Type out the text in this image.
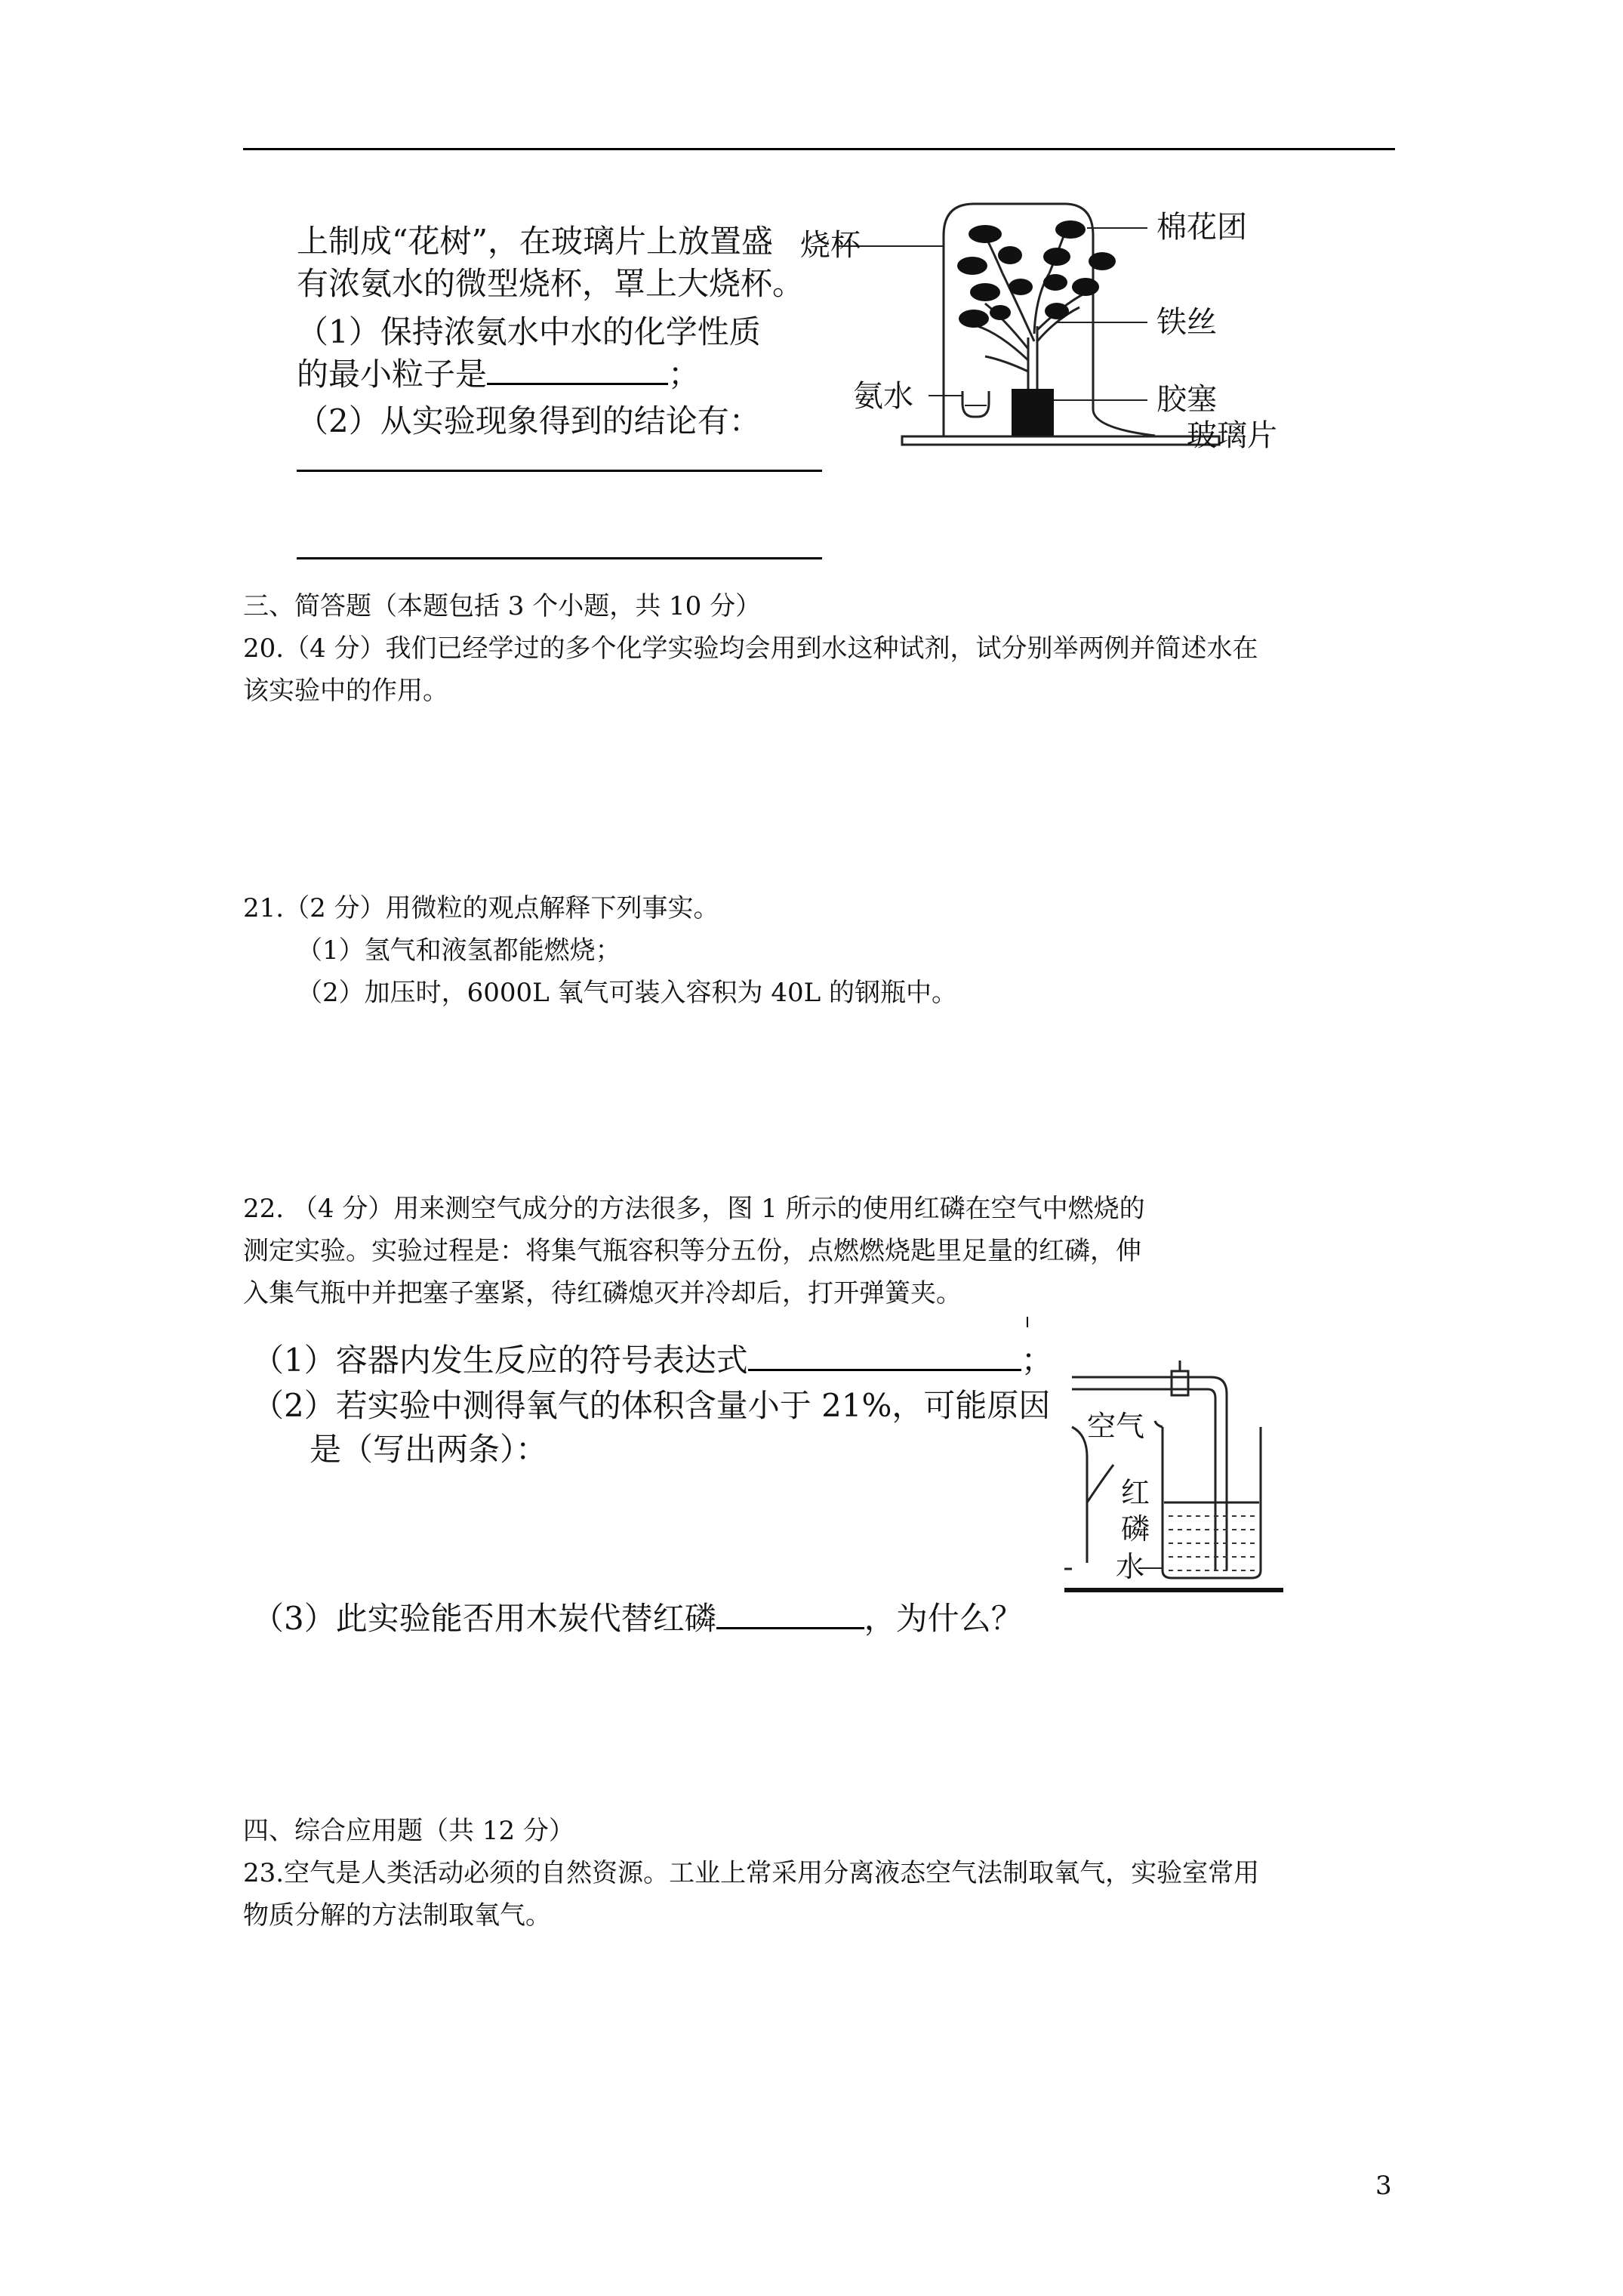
上制成“花树”，在玻璃片上放置盛
有浓氨水的微型烧杯，罩上大烧杯。
（1）保持浓氨水中水的化学性质
的最小粒子是	；
（2）从实验现象得到的结论有：
烧杯
棉花团
铁丝
氨水	胶塞
玻璃片
三、简答题（本题包括 3 个小题，共 10 分）
20.（4 分）我们已经学过的多个化学实验均会用到水这种试剂，试分别举两例并简述水在
该实验中的作用。
21.（2 分）用微粒的观点解释下列事实。
（1）氢气和液氢都能燃烧；
（2）加压时，6000L 氧气可装入容积为 40L 的钢瓶中。
22. （4 分）用来测空气成分的方法很多，图 1 所示的使用红磷在空气中燃烧的
测定实验。实验过程是：将集气瓶容积等分五份，点燃燃烧匙里足量的红磷，伸
入集气瓶中并把塞子塞紧，待红磷熄灭并冷却后，打开弹簧夹。
（1）容器内发生反应的符号表达式	；
（2）若实验中测得氧气的体积含量小于 21%，可能原因
是（写出两条）：
（3）此实验能否用木炭代替红磷	，为什么？
空气
红
磷
水
四、综合应用题（共 12 分）
23.空气是人类活动必须的自然资源。工业上常采用分离液态空气法制取氧气，实验室常用
物质分解的方法制取氧气。
3
